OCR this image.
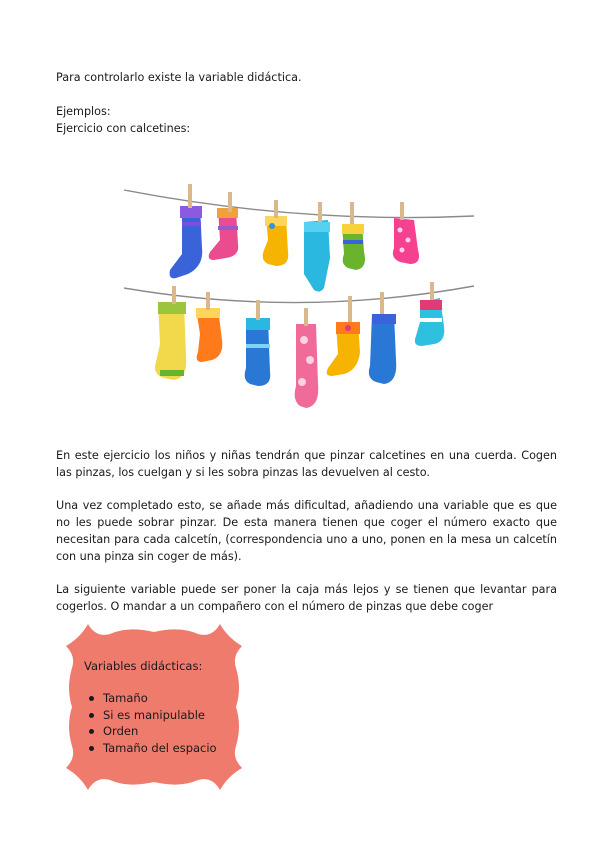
Para controlarlo existe la variable didáctica.

Ejemplos:

Ejercicio con calcetines:

En este ejercicio los niños y niñas tendrán que pinzar calcetines en una cuerda. Cogen las pinzas, los cuelgan y si les sobra pinzas las devuelven al cesto.

Una vez completado esto, se añade más dificultad, añadiendo una variable que es que no les puede sobrar pinzar. De esta manera tienen que coger el número exacto que necesitan para cada calcetín, (correspondencia uno a uno, ponen en la mesa un calcetín con una pinza sin coger de más).

La siguiente variable puede ser poner la caja más lejos y se tienen que levantar para cogerlos. O mandar a un compañero con el número de pinzas que debe coger

Variables didácticas:
Tamaño
Si es manipulable
Orden
Tamaño del espacio
